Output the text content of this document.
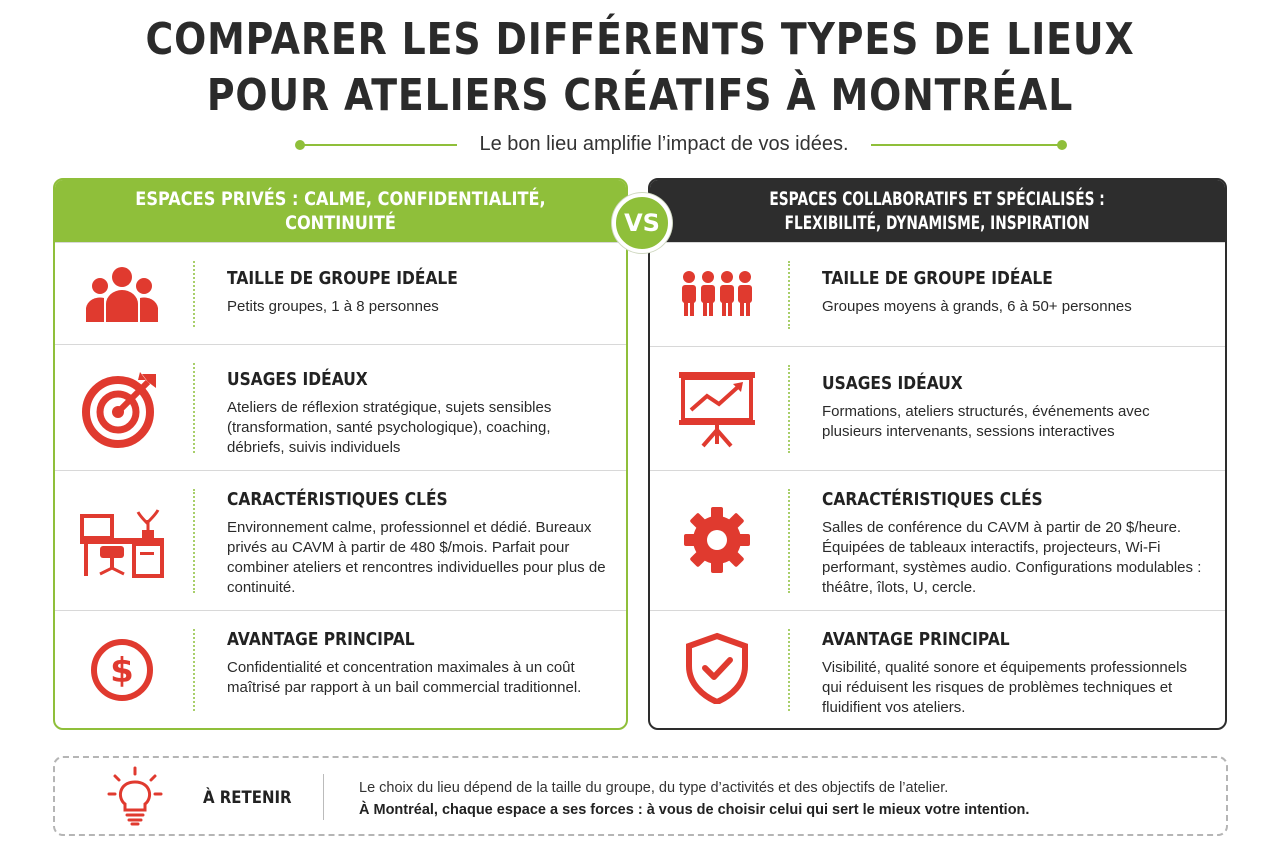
COMPARER LES DIFFÉRENTS TYPES DE LIEUX
POUR ATELIERS CRÉATIFS À MONTRÉAL
Le bon lieu amplifie l’impact de vos idées.
ESPACES PRIVÉS : CALME, CONFIDENTIALITÉ, CONTINUITÉ
TAILLE DE GROUPE IDÉALE
Petits groupes, 1 à 8 personnes
USAGES IDÉAUX
Ateliers de réflexion stratégique, sujets sensibles (transformation, santé psychologique), coaching, débriefs, suivis individuels
CARACTÉRISTIQUES CLÉS
Environnement calme, professionnel et dédié. Bureaux privés au CAVM à partir de 480 $/mois. Parfait pour combiner ateliers et rencontres individuelles pour plus de continuité.
$
AVANTAGE PRINCIPAL
Confidentialité et concentration maximales à un coût maîtrisé par rapport à un bail commercial traditionnel.
ESPACES COLLABORATIFS ET SPÉCIALISÉS :
FLEXIBILITÉ, DYNAMISME, INSPIRATION
TAILLE DE GROUPE IDÉALE
Groupes moyens à grands, 6 à 50+ personnes
USAGES IDÉAUX
Formations, ateliers structurés, événements avec plusieurs intervenants, sessions interactives
CARACTÉRISTIQUES CLÉS
Salles de conférence du CAVM à partir de 20 $/heure. Équipées de tableaux interactifs, projecteurs, Wi-Fi performant, systèmes audio. Configurations modulables : théâtre, îlots, U, cercle.
AVANTAGE PRINCIPAL
Visibilité, qualité sonore et équipements professionnels qui réduisent les risques de problèmes techniques et fluidifient vos ateliers.
VS
À RETENIR	Le choix du lieu dépend de la taille du groupe, du type d’activités et des objectifs de l’atelier.
À Montréal, chaque espace a ses forces : à vous de choisir celui qui sert le mieux votre intention.
